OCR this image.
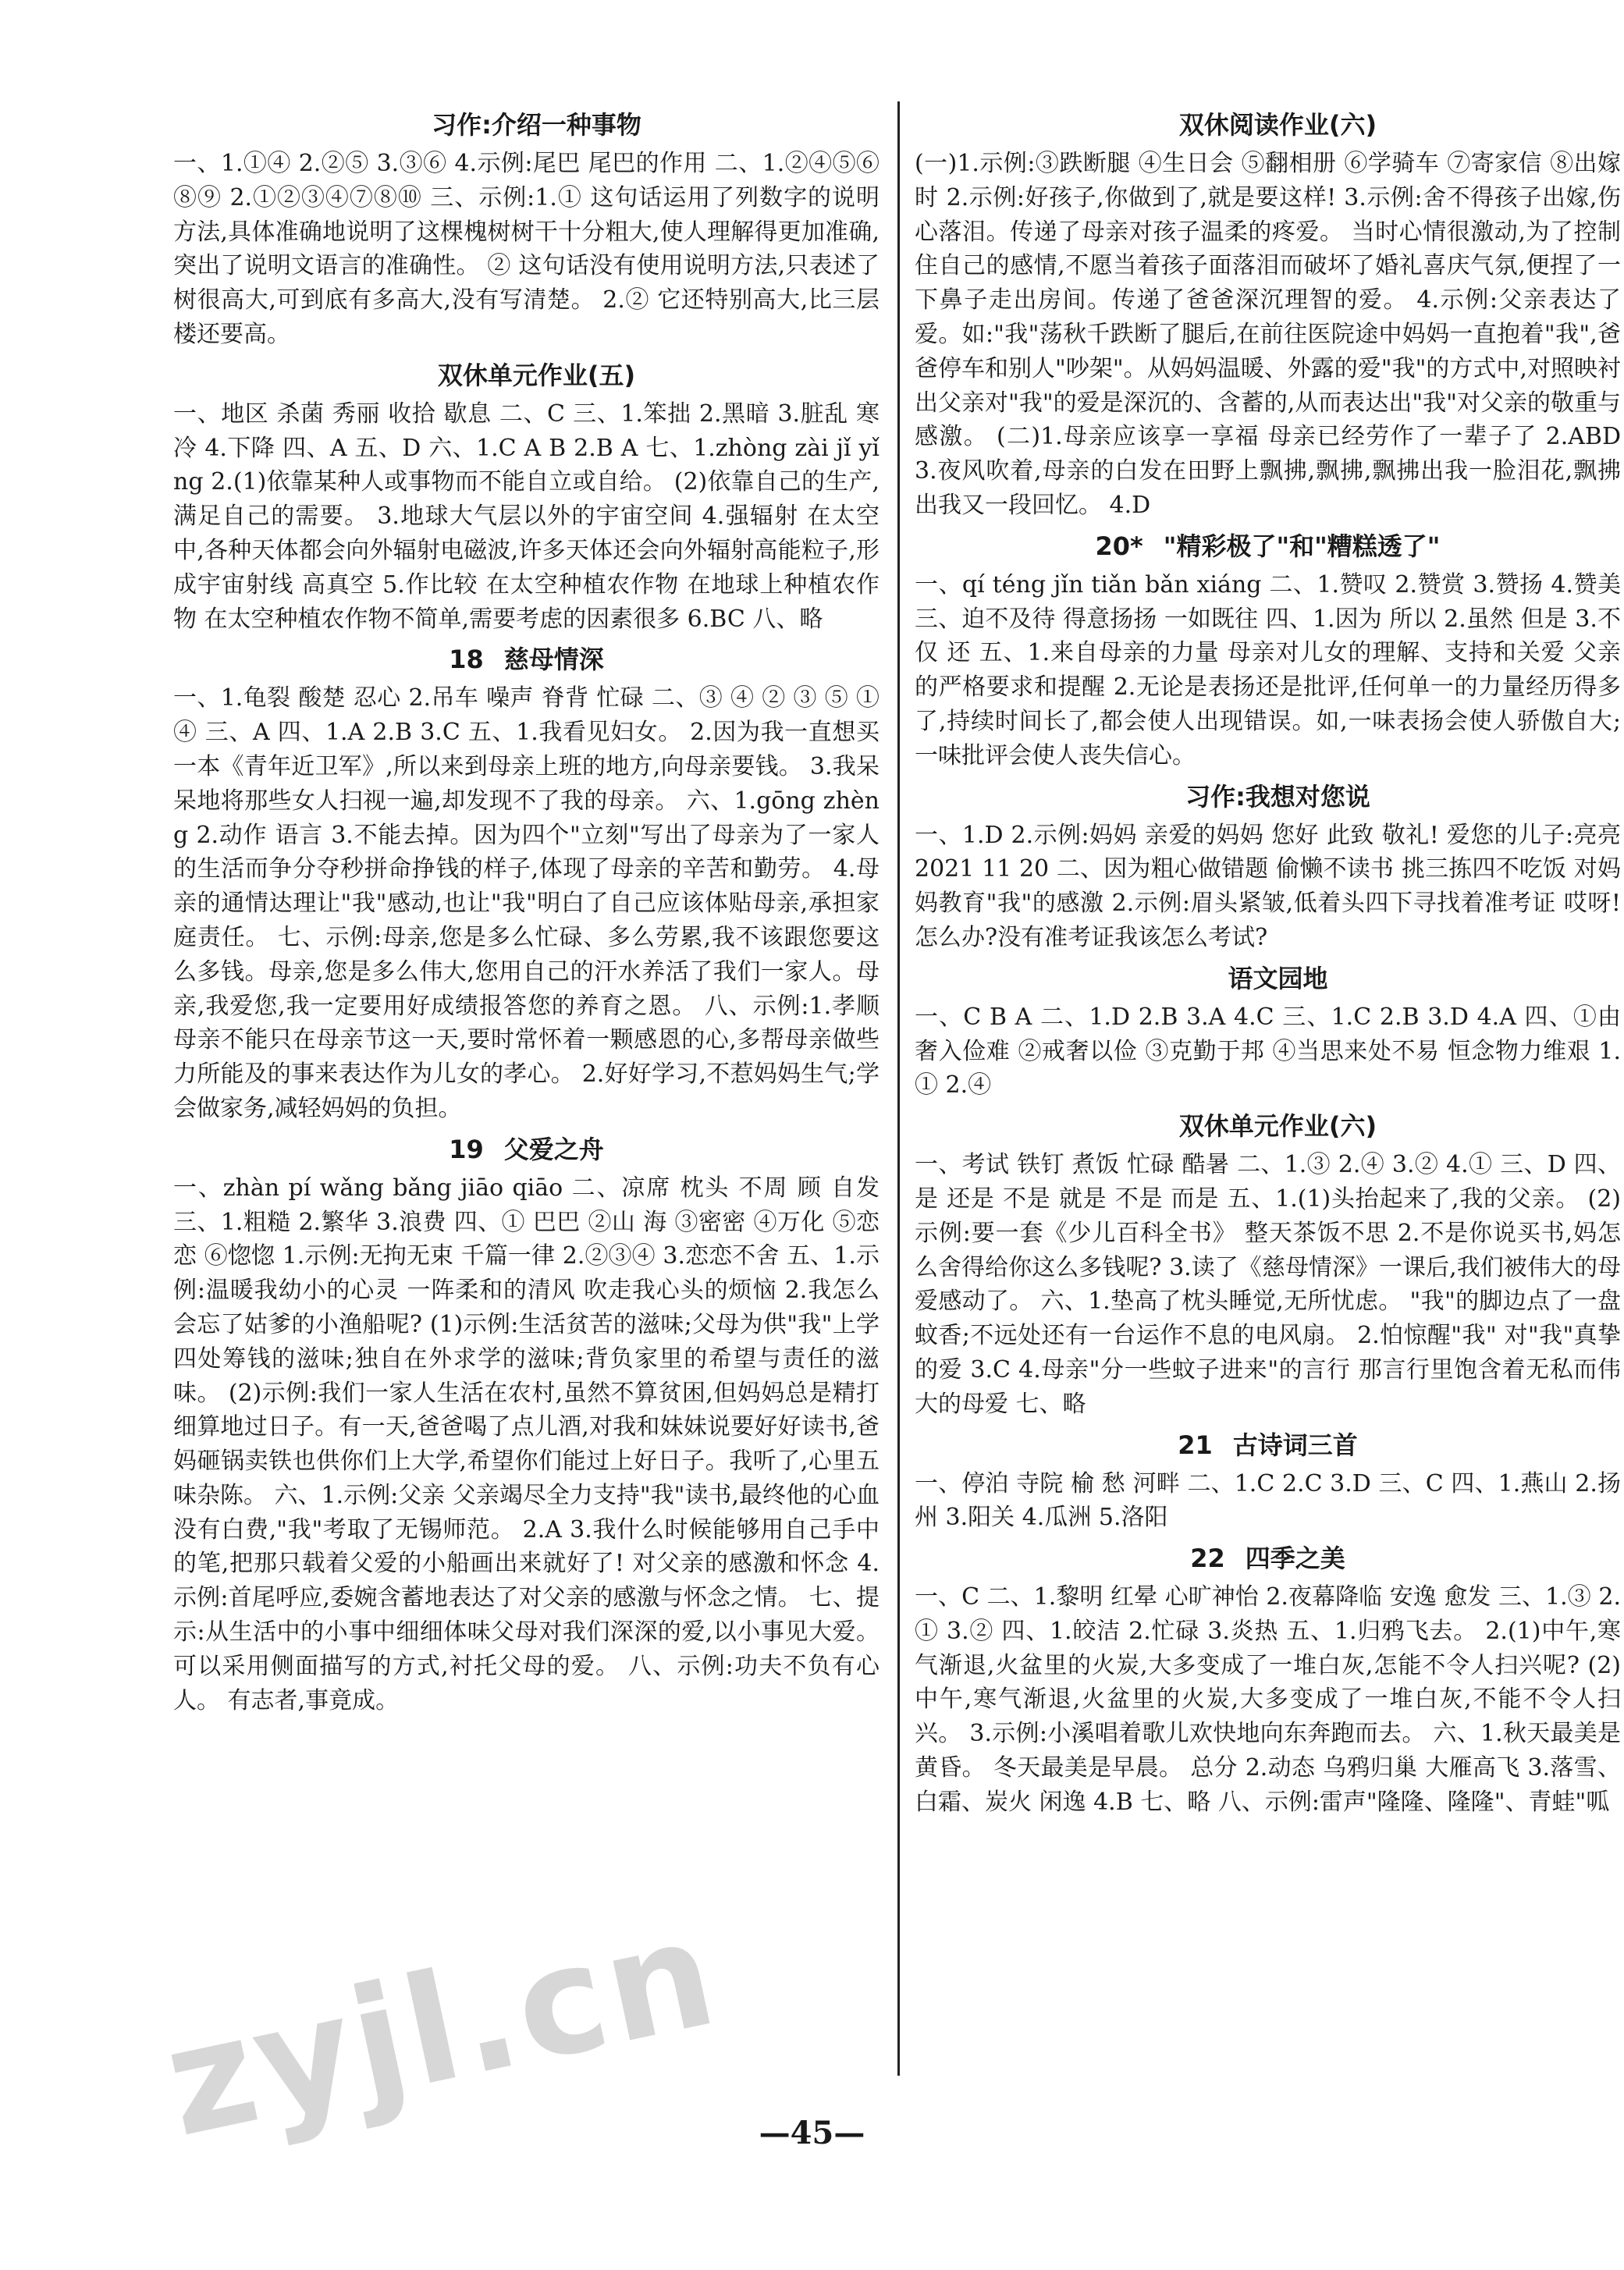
习作:介绍一种事物

一、1.①④ 2.②⑤ 3.③⑥ 4.示例:尾巴 尾巴的作用 二、1.②④⑤⑥⑧⑨ 2.①②③④⑦⑧⑩ 三、示例:1.① 这句话运用了列数字的说明方法,具体准确地说明了这棵槐树树干十分粗大,使人理解得更加准确,突出了说明文语言的准确性。 ② 这句话没有使用说明方法,只表述了树很高大,可到底有多高大,没有写清楚。 2.② 它还特别高大,比三层楼还要高。

双休单元作业(五)

一、地区 杀菌 秀丽 收拾 歇息 二、C 三、1.笨拙 2.黑暗 3.脏乱 寒冷 4.下降 四、A 五、D 六、1.C A B 2.B A 七、1.zhòng zài jǐ yǐng 2.(1)依靠某种人或事物而不能自立或自给。 (2)依靠自己的生产,满足自己的需要。 3.地球大气层以外的宇宙空间 4.强辐射 在太空中,各种天体都会向外辐射电磁波,许多天体还会向外辐射高能粒子,形成宇宙射线 高真空 5.作比较 在太空种植农作物 在地球上种植农作物 在太空种植农作物不简单,需要考虑的因素很多 6.BC 八、略

18 慈母情深

一、1.龟裂 酸楚 忍心 2.吊车 噪声 脊背 忙碌 二、③ ④ ② ③ ⑤ ① ④ 三、A 四、1.A 2.B 3.C 五、1.我看见妇女。 2.因为我一直想买一本《青年近卫军》,所以来到母亲上班的地方,向母亲要钱。 3.我呆呆地将那些女人扫视一遍,却发现不了我的母亲。 六、1.gōng zhèng 2.动作 语言 3.不能去掉。因为四个"立刻"写出了母亲为了一家人的生活而争分夺秒拼命挣钱的样子,体现了母亲的辛苦和勤劳。 4.母亲的通情达理让"我"感动,也让"我"明白了自己应该体贴母亲,承担家庭责任。 七、示例:母亲,您是多么忙碌、多么劳累,我不该跟您要这么多钱。母亲,您是多么伟大,您用自己的汗水养活了我们一家人。母亲,我爱您,我一定要用好成绩报答您的养育之恩。 八、示例:1.孝顺母亲不能只在母亲节这一天,要时常怀着一颗感恩的心,多帮母亲做些力所能及的事来表达作为儿女的孝心。 2.好好学习,不惹妈妈生气;学会做家务,减轻妈妈的负担。

19 父爱之舟

一、zhàn pí wǎng bǎng jiāo qiāo 二、凉席 枕头 不周 顾 自发 三、1.粗糙 2.繁华 3.浪费 四、① 巴巴 ②山 海 ③密密 ④万化 ⑤恋恋 ⑥惚惚 1.示例:无拘无束 千篇一律 2.②③④ 3.恋恋不舍 五、1.示例:温暖我幼小的心灵 一阵柔和的清风 吹走我心头的烦恼 2.我怎么会忘了姑爹的小渔船呢? (1)示例:生活贫苦的滋味;父母为供"我"上学四处筹钱的滋味;独自在外求学的滋味;背负家里的希望与责任的滋味。 (2)示例:我们一家人生活在农村,虽然不算贫困,但妈妈总是精打细算地过日子。有一天,爸爸喝了点儿酒,对我和妹妹说要好好读书,爸妈砸锅卖铁也供你们上大学,希望你们能过上好日子。我听了,心里五味杂陈。 六、1.示例:父亲 父亲竭尽全力支持"我"读书,最终他的心血没有白费,"我"考取了无锡师范。 2.A 3.我什么时候能够用自己手中的笔,把那只载着父爱的小船画出来就好了! 对父亲的感激和怀念 4.示例:首尾呼应,委婉含蓄地表达了对父亲的感激与怀念之情。 七、提示:从生活中的小事中细细体味父母对我们深深的爱,以小事见大爱。可以采用侧面描写的方式,衬托父母的爱。 八、示例:功夫不负有心人。 有志者,事竟成。

双休阅读作业(六)

(一)1.示例:③跌断腿 ④生日会 ⑤翻相册 ⑥学骑车 ⑦寄家信 ⑧出嫁时 2.示例:好孩子,你做到了,就是要这样! 3.示例:舍不得孩子出嫁,伤心落泪。传递了母亲对孩子温柔的疼爱。 当时心情很激动,为了控制住自己的感情,不愿当着孩子面落泪而破坏了婚礼喜庆气氛,便捏了一下鼻子走出房间。传递了爸爸深沉理智的爱。 4.示例:父亲表达了爱。如:"我"荡秋千跌断了腿后,在前往医院途中妈妈一直抱着"我",爸爸停车和别人"吵架"。从妈妈温暖、外露的爱"我"的方式中,对照映衬出父亲对"我"的爱是深沉的、含蓄的,从而表达出"我"对父亲的敬重与感激。 (二)1.母亲应该享一享福 母亲已经劳作了一辈子了 2.ABD 3.夜风吹着,母亲的白发在田野上飘拂,飘拂,飘拂出我一脸泪花,飘拂出我又一段回忆。 4.D

20* "精彩极了"和"糟糕透了"

一、qí téng jǐn tiǎn bǎn xiáng 二、1.赞叹 2.赞赏 3.赞扬 4.赞美 三、迫不及待 得意扬扬 一如既往 四、1.因为 所以 2.虽然 但是 3.不仅 还 五、1.来自母亲的力量 母亲对儿女的理解、支持和关爱 父亲的严格要求和提醒 2.无论是表扬还是批评,任何单一的力量经历得多了,持续时间长了,都会使人出现错误。如,一味表扬会使人骄傲自大;一味批评会使人丧失信心。

习作:我想对您说

一、1.D 2.示例:妈妈 亲爱的妈妈 您好 此致 敬礼! 爱您的儿子:亮亮 2021 11 20 二、因为粗心做错题 偷懒不读书 挑三拣四不吃饭 对妈妈教育"我"的感激 2.示例:眉头紧皱,低着头四下寻找着准考证 哎呀!怎么办?没有准考证我该怎么考试?

语文园地

一、C B A 二、1.D 2.B 3.A 4.C 三、1.C 2.B 3.D 4.A 四、①由奢入俭难 ②戒奢以俭 ③克勤于邦 ④当思来处不易 恒念物力维艰 1.① 2.④

双休单元作业(六)

一、考试 铁钉 煮饭 忙碌 酷暑 二、1.③ 2.④ 3.② 4.① 三、D 四、是 还是 不是 就是 不是 而是 五、1.(1)头抬起来了,我的父亲。 (2)示例:要一套《少儿百科全书》 整天茶饭不思 2.不是你说买书,妈怎么舍得给你这么多钱呢? 3.读了《慈母情深》一课后,我们被伟大的母爱感动了。 六、1.垫高了枕头睡觉,无所忧虑。 "我"的脚边点了一盘蚊香;不远处还有一台运作不息的电风扇。 2.怕惊醒"我" 对"我"真挚的爱 3.C 4.母亲"分一些蚊子进来"的言行 那言行里饱含着无私而伟大的母爱 七、略

21 古诗词三首

一、停泊 寺院 榆 愁 河畔 二、1.C 2.C 3.D 三、C 四、1.燕山 2.扬州 3.阳关 4.瓜洲 5.洛阳

22 四季之美

一、C 二、1.黎明 红晕 心旷神怡 2.夜幕降临 安逸 愈发 三、1.③ 2.① 3.② 四、1.皎洁 2.忙碌 3.炎热 五、1.归鸦飞去。 2.(1)中午,寒气渐退,火盆里的火炭,大多变成了一堆白灰,怎能不令人扫兴呢? (2)中午,寒气渐退,火盆里的火炭,大多变成了一堆白灰,不能不令人扫兴。 3.示例:小溪唱着歌儿欢快地向东奔跑而去。 六、1.秋天最美是黄昏。 冬天最美是早晨。 总分 2.动态 乌鸦归巢 大雁高飞 3.落雪、白霜、炭火 闲逸 4.B 七、略 八、示例:雷声"隆隆、隆隆"、青蛙"呱

zyjl.cn —45—
